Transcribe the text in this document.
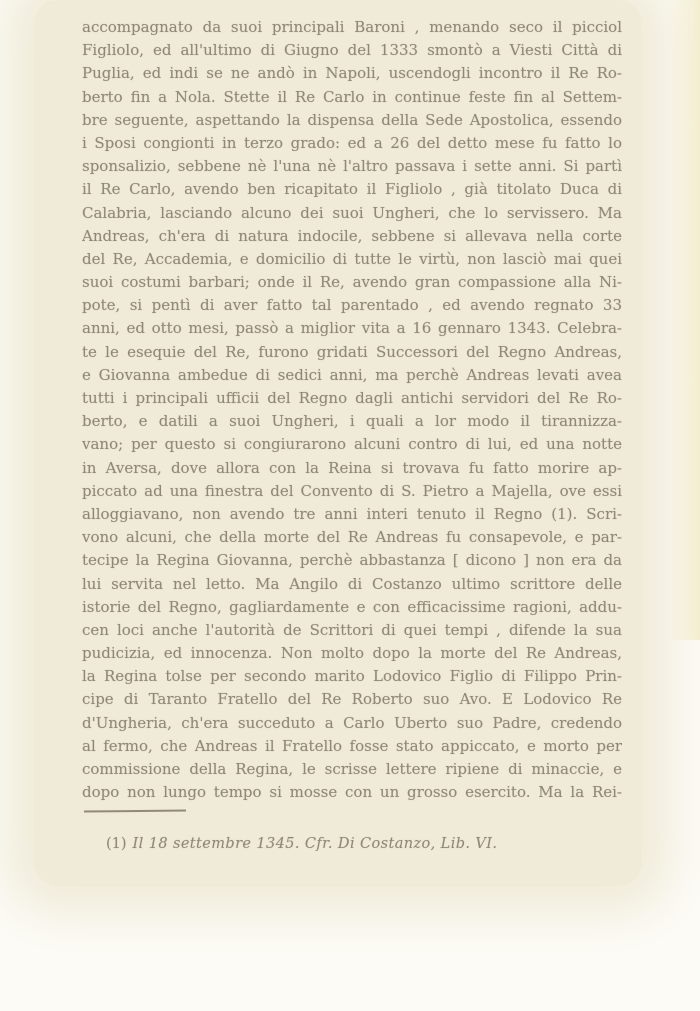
accompagnato da suoi principali Baroni , menando seco il picciol

Figliolo, ed all'ultimo di Giugno del 1333 smontò a Viesti Città di

Puglia, ed indi se ne andò in Napoli, uscendogli incontro il Re Ro-

berto fin a Nola. Stette il Re Carlo in continue feste fin al Settem-

bre seguente, aspettando la dispensa della Sede Apostolica, essendo

i Sposi congionti in terzo grado: ed a 26 del detto mese fu fatto lo

sponsalizio, sebbene nè l'una nè l'altro passava i sette anni. Si partì

il Re Carlo, avendo ben ricapitato il Figliolo , già titolato Duca di

Calabria, lasciando alcuno dei suoi Ungheri, che lo servissero. Ma

Andreas, ch'era di natura indocile, sebbene si allevava nella corte

del Re, Accademia, e domicilio di tutte le virtù, non lasciò mai quei

suoi costumi barbari; onde il Re, avendo gran compassione alla Ni-

pote, si pentì di aver fatto tal parentado , ed avendo regnato 33

anni, ed otto mesi, passò a miglior vita a 16 gennaro 1343. Celebra-

te le esequie del Re, furono gridati Successori del Regno Andreas,

e Giovanna ambedue di sedici anni, ma perchè Andreas levati avea

tutti i principali ufficii del Regno dagli antichi servidori del Re Ro-

berto, e datili a suoi Ungheri, i quali a lor modo il tirannizza-

vano; per questo si congiurarono alcuni contro di lui, ed una notte

in Aversa, dove allora con la Reina si trovava fu fatto morire ap-

piccato ad una finestra del Convento di S. Pietro a Majella, ove essi

alloggiavano, non avendo tre anni interi tenuto il Regno (1). Scri-

vono alcuni, che della morte del Re Andreas fu consapevole, e par-

tecipe la Regina Giovanna, perchè abbastanza [ dicono ] non era da

lui servita nel letto. Ma Angilo di Costanzo ultimo scrittore delle

istorie del Regno, gagliardamente e con efficacissime ragioni, addu-

cen loci anche l'autorità de Scrittori di quei tempi , difende la sua

pudicizia, ed innocenza. Non molto dopo la morte del Re Andreas,

la Regina tolse per secondo marito Lodovico Figlio di Filippo Prin-

cipe di Taranto Fratello del Re Roberto suo Avo. E Lodovico Re

d'Ungheria, ch'era succeduto a Carlo Uberto suo Padre, credendo

al fermo, che Andreas il Fratello fosse stato appiccato, e morto per

commissione della Regina, le scrisse lettere ripiene di minaccie, e

dopo non lungo tempo si mosse con un grosso esercito. Ma la Rei-

(1) Il 18 settembre 1345. Cfr. Di Costanzo, Lib. VI.
